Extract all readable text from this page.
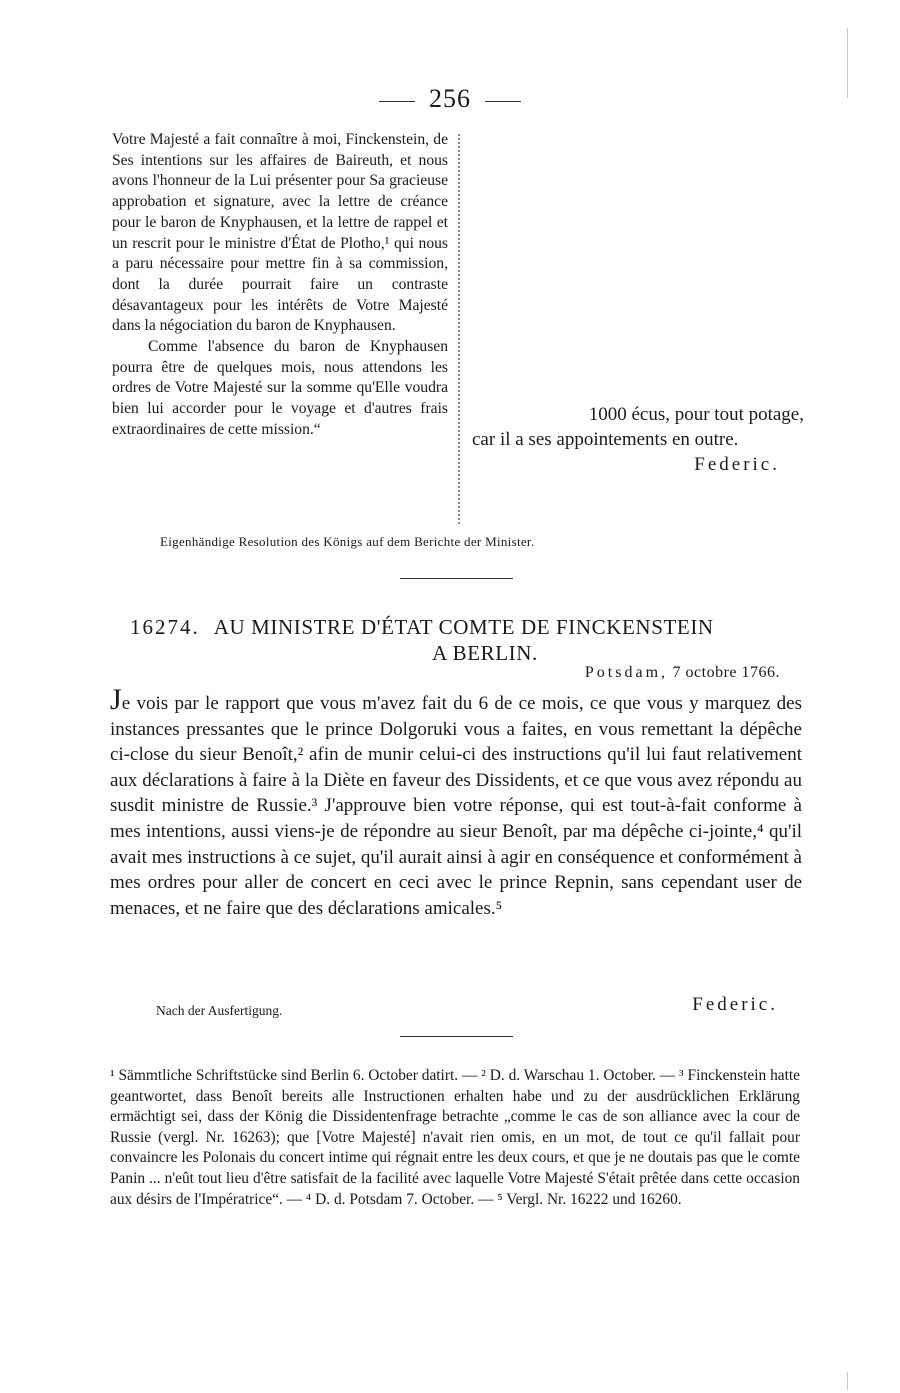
256

Votre Majesté a fait connaître à moi, Finckenstein, de Ses intentions sur les affaires de Baireuth, et nous avons l'honneur de la Lui présenter pour Sa gracieuse approbation et signature, avec la lettre de créance pour le baron de Knyphausen, et la lettre de rappel et un rescrit pour le ministre d'État de Plotho,¹ qui nous a paru nécessaire pour mettre fin à sa commission, dont la durée pourrait faire un contraste désavantageux pour les intérêts de Votre Majesté dans la négociation du baron de Knyphausen.

Comme l'absence du baron de Knyphausen pourra être de quelques mois, nous attendons les ordres de Votre Majesté sur la somme qu'Elle voudra bien lui accorder pour le voyage et d'autres frais extraordinaires de cette mission.“

1000 écus, pour tout potage,
car il a ses appointements en outre.
Federic.
Eigenhändige Resolution des Königs auf dem Berichte der Minister.
16274. AU MINISTRE D'ÉTAT COMTE DE FINCKENSTEIN
A BERLIN.
Potsdam, 7 octobre 1766.
Je vois par le rapport que vous m'avez fait du 6 de ce mois, ce que vous y marquez des instances pressantes que le prince Dolgoruki vous a faites, en vous remettant la dépêche ci-close du sieur Benoît,² afin de munir celui-ci des instructions qu'il lui faut relativement aux déclarations à faire à la Diète en faveur des Dissidents, et ce que vous avez répondu au susdit ministre de Russie.³ J'approuve bien votre réponse, qui est tout-à-fait conforme à mes intentions, aussi viens-je de répondre au sieur Benoît, par ma dépêche ci-jointe,⁴ qu'il avait mes instructions à ce sujet, qu'il aurait ainsi à agir en conséquence et conformément à mes ordres pour aller de concert en ceci avec le prince Repnin, sans cependant user de menaces, et ne faire que des déclarations amicales.⁵
Nach der Ausfertigung.	Federic.
¹ Sämmtliche Schriftstücke sind Berlin 6. October datirt. — ² D. d. Warschau 1. October. — ³ Finckenstein hatte geantwortet, dass Benoît bereits alle Instructionen erhalten habe und zu der ausdrücklichen Erklärung ermächtigt sei, dass der König die Dissidentenfrage betrachte „comme le cas de son alliance avec la cour de Russie (vergl. Nr. 16263); que [Votre Majesté] n'avait rien omis, en un mot, de tout ce qu'il fallait pour convaincre les Polonais du concert intime qui régnait entre les deux cours, et que je ne doutais pas que le comte Panin ... n'eût tout lieu d'être satisfait de la facilité avec laquelle Votre Majesté S'était prêtée dans cette occasion aux désirs de l'Impératrice“. — ⁴ D. d. Potsdam 7. October. — ⁵ Vergl. Nr. 16222 und 16260.
